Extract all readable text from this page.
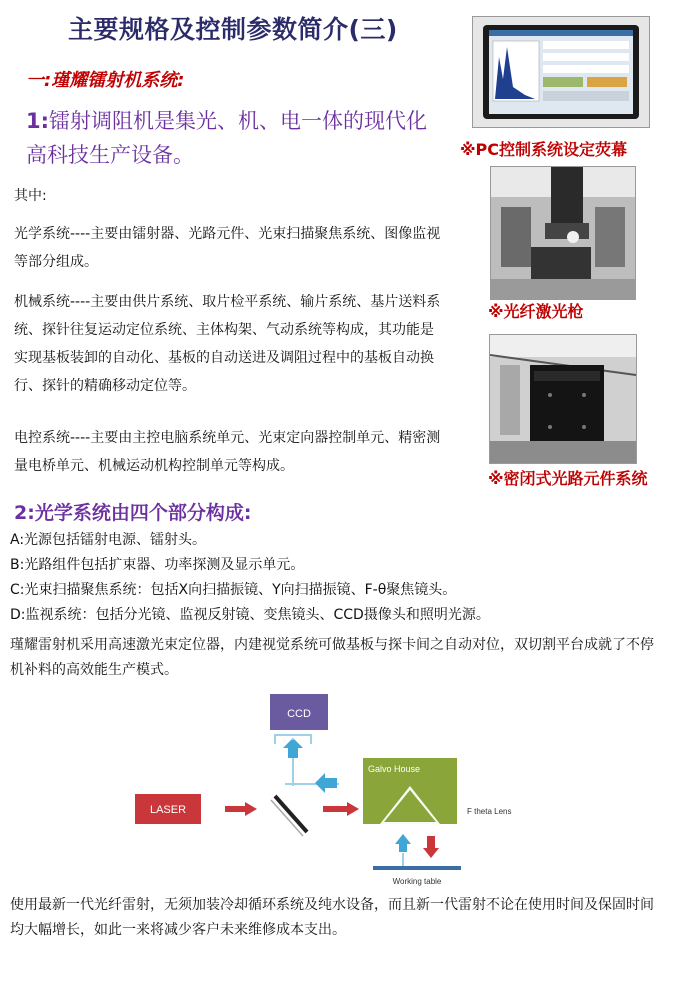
主要规格及控制参数简介(三)
一:瑾耀镭射机系统:
1:镭射调阻机是集光、机、电一体的现代化高科技生产设备。
其中:
光学系统----主要由镭射器、光路元件、光束扫描聚焦系统、图像监视等部分组成。
机械系统----主要由供片系统、取片检平系统、输片系统、基片送料系统、探针往复运动定位系统、主体构架、气动系统等构成，其功能是实现基板装卸的自动化、基板的自动送进及调阻过程中的基板自动换行、探针的精确移动定位等。
电控系统----主要由主控电脑系统单元、光束定向器控制单元、精密测量电桥单元、机械运动机构控制单元等构成。
2:光学系统由四个部分构成:
A:光源包括镭射电源、镭射头。
B:光路组件包括扩束器、功率探测及显示单元。
C:光束扫描聚焦系统：包括X向扫描振镜、Y向扫描振镜、F-θ聚焦镜头。
D:监视系统：包括分光镜、监视反射镜、变焦镜头、CCD摄像头和照明光源。
瑾耀雷射机采用高速激光束定位器，内建视觉系统可做基板与探卡间之自动对位，双切割平台成就了不停机补料的高效能生产模式。
※PC控制系统设定荧幕
※光纤激光枪
※密闭式光路元件系统
CCD
Galvo House
LASER
Working table
F theta Lens
使用最新一代光纤雷射，无须加装冷却循环系统及纯水设备，而且新一代雷射不论在使用时间及保固时间均大幅增长，如此一来将减少客户未来维修成本支出。
